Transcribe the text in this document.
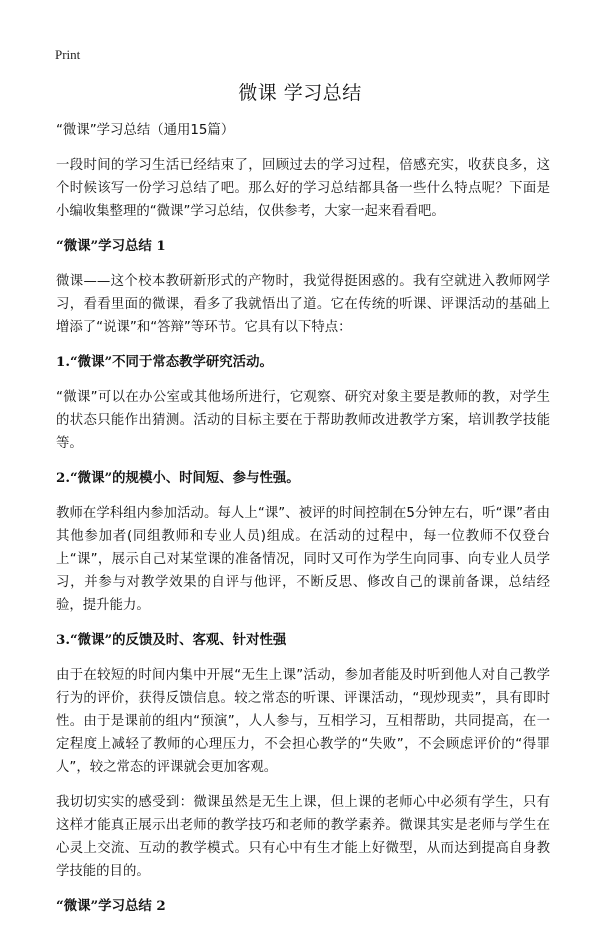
Print
微课 学习总结

“微课”学习总结（通用15篇）

一段时间的学习生活已经结束了，回顾过去的学习过程，倍感充实，收获良多，这个时候该写一份学习总结了吧。那么好的学习总结都具备一些什么特点呢？下面是小编收集整理的“微课”学习总结，仅供参考，大家一起来看看吧。

“微课”学习总结 1

微课——这个校本教研新形式的产物时，我觉得挺困惑的。我有空就进入教师网学习，看看里面的微课，看多了我就悟出了道。它在传统的听课、评课活动的基础上增添了“说课”和“答辩”等环节。它具有以下特点：

1.“微课”不同于常态教学研究活动。

“微课”可以在办公室或其他场所进行，它观察、研究对象主要是教师的教，对学生的状态只能作出猜测。活动的目标主要在于帮助教师改进教学方案，培训教学技能等。

2.“微课”的规模小、时间短、参与性强。

教师在学科组内参加活动。每人上“课”、被评的时间控制在5分钟左右，听“课”者由其他参加者(同组教师和专业人员)组成。在活动的过程中，每一位教师不仅登台上“课”，展示自己对某堂课的准备情况，同时又可作为学生向同事、向专业人员学习，并参与对教学效果的自评与他评，不断反思、修改自己的课前备课，总结经验，提升能力。

3.“微课”的反馈及时、客观、针对性强

由于在较短的时间内集中开展“无生上课”活动，参加者能及时听到他人对自己教学行为的评价，获得反馈信息。较之常态的听课、评课活动，“现炒现卖”，具有即时性。由于是课前的组内“预演”，人人参与，互相学习，互相帮助，共同提高，在一定程度上减轻了教师的心理压力，不会担心教学的“失败”，不会顾虑评价的“得罪人”，较之常态的评课就会更加客观。

我切切实实的感受到：微课虽然是无生上课，但上课的老师心中必须有学生，只有这样才能真正展示出老师的教学技巧和老师的教学素养。微课其实是老师与学生在心灵上交流、互动的教学模式。只有心中有生才能上好微型，从而达到提高自身教学技能的目的。

“微课”学习总结 2
